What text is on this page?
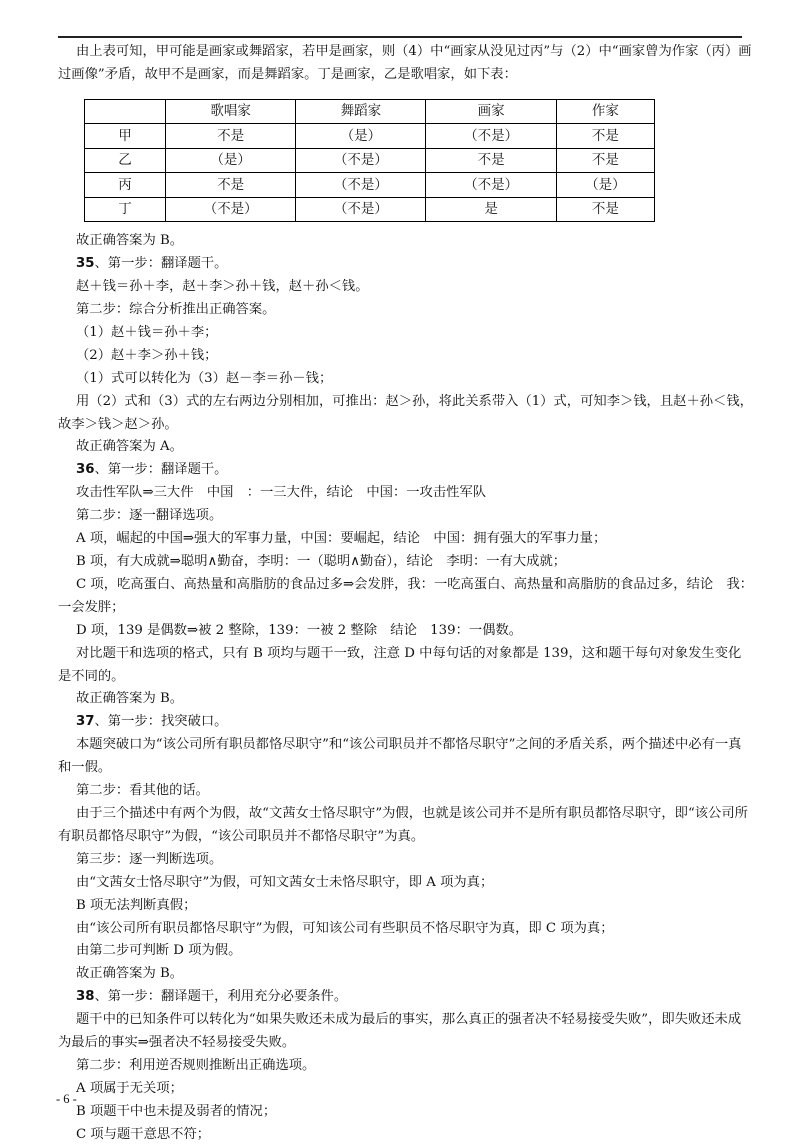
由上表可知，甲可能是画家或舞蹈家，若甲是画家，则（4）中“画家从没见过丙”与（2）中“画家曾为作家（丙）画过画像”矛盾，故甲不是画家，而是舞蹈家。丁是画家，乙是歌唱家，如下表：

	歌唱家	舞蹈家	画家	作家
甲	不是	（是）	（不是）	不是
乙	（是）	（不是）	不是	不是
丙	不是	（不是）	（不是）	（是）
丁	（不是）	（不是）	是	不是

故正确答案为 B。

35、第一步：翻译题干。

赵＋钱＝孙＋李，赵＋李＞孙＋钱，赵＋孙＜钱。

第二步：综合分析推出正确答案。

（1）赵＋钱＝孙＋李；

（2）赵＋李＞孙＋钱；

（1）式可以转化为（3）赵－李＝孙－钱；

用（2）式和（3）式的左右两边分别相加，可推出：赵＞孙，将此关系带入（1）式，可知李＞钱，且赵＋孙＜钱，故李＞钱＞赵＞孙。

故正确答案为 A。

36、第一步：翻译题干。

攻击性军队⇒三大件　中国　：一三大件，结论　中国：一攻击性军队

第二步：逐一翻译选项。

A 项，崛起的中国⇒强大的军事力量，中国：要崛起，结论　中国：拥有强大的军事力量；

B 项，有大成就⇒聪明∧勤奋，李明：一（聪明∧勤奋），结论　李明：一有大成就；

C 项，吃高蛋白、高热量和高脂肪的食品过多⇒会发胖，我：一吃高蛋白、高热量和高脂肪的食品过多，结论　我：一会发胖；

D 项，139 是偶数⇒被 2 整除，139：一被 2 整除　结论　139：一偶数。

对比题干和选项的格式，只有 B 项均与题干一致，注意 D 中每句话的对象都是 139，这和题干每句对象发生变化是不同的。

故正确答案为 B。

37、第一步：找突破口。

本题突破口为“该公司所有职员都恪尽职守”和“该公司职员并不都恪尽职守”之间的矛盾关系，两个描述中必有一真和一假。

第二步：看其他的话。

由于三个描述中有两个为假，故“文茜女士恪尽职守”为假，也就是该公司并不是所有职员都恪尽职守，即“该公司所有职员都恪尽职守”为假，“该公司职员并不都恪尽职守”为真。

第三步：逐一判断选项。

由“文茜女士恪尽职守”为假，可知文茜女士未恪尽职守，即 A 项为真；

B 项无法判断真假；

由“该公司所有职员都恪尽职守”为假，可知该公司有些职员不恪尽职守为真，即 C 项为真；

由第二步可判断 D 项为假。

故正确答案为 B。

38、第一步：翻译题干，利用充分必要条件。

题干中的已知条件可以转化为“如果失败还未成为最后的事实，那么真正的强者决不轻易接受失败”，即失败还未成为最后的事实⇒强者决不轻易接受失败。

第二步：利用逆否规则推断出正确选项。

A 项属于无关项；

B 项题干中也未提及弱者的情况；

C 项与题干意思不符；

- 6 -
